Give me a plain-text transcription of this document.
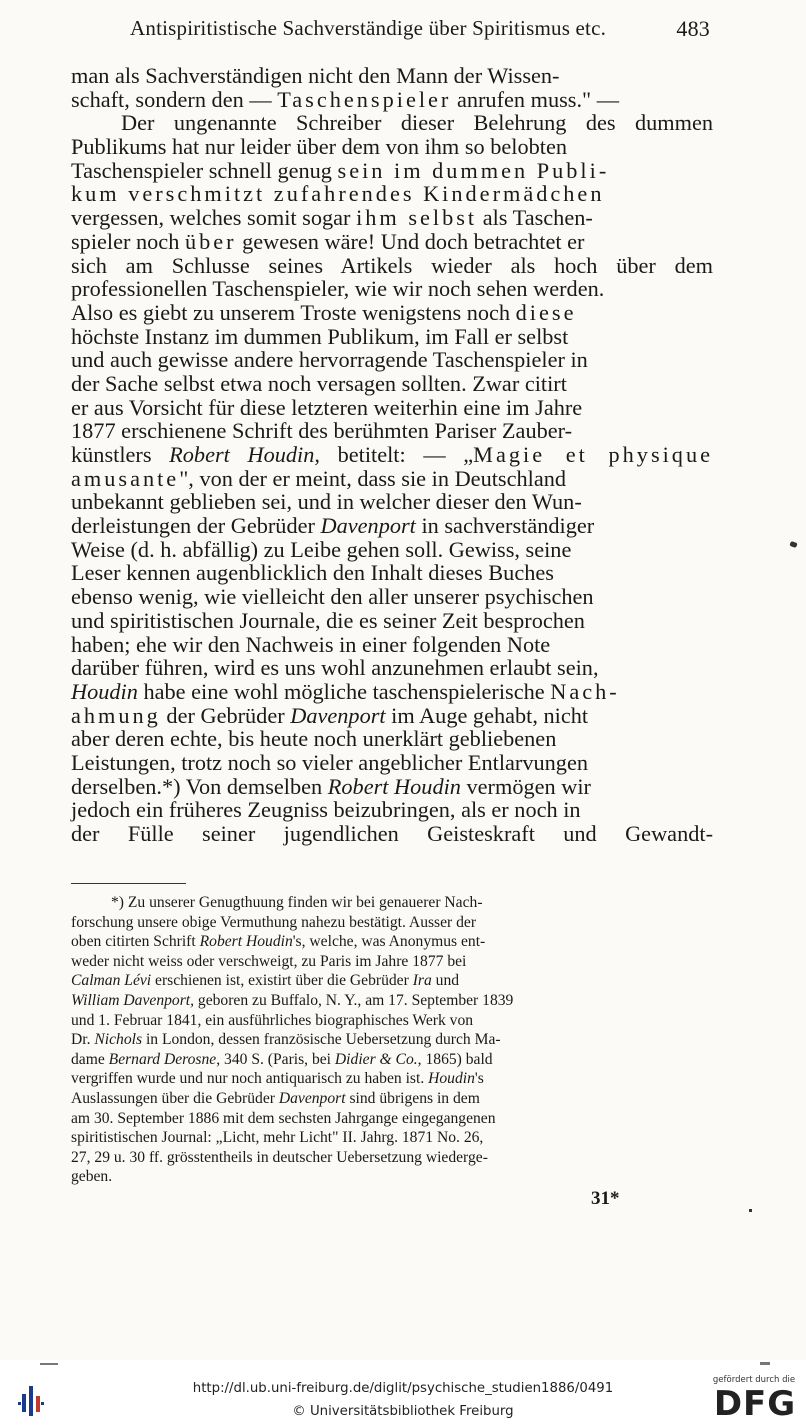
Antispiritistische Sachverständige über Spiritismus etc.	483
man als Sachverständigen nicht den Mann der Wissen-
schaft, sondern den — Taschenspieler anrufen muss." —
Der ungenannte Schreiber dieser Belehrung des dummen
Publikums hat nur leider über dem von ihm so belobten
Taschenspieler schnell genug sein im dummen Publi-
kum verschmitzt zufahrendes Kindermädchen
vergessen, welches somit sogar ihm selbst als Taschen-
spieler noch über gewesen wäre! Und doch betrachtet er
sich am Schlusse seines Artikels wieder als hoch über dem
professionellen Taschenspieler, wie wir noch sehen werden.
Also es giebt zu unserem Troste wenigstens noch diese
höchste Instanz im dummen Publikum, im Fall er selbst
und auch gewisse andere hervorragende Taschenspieler in
der Sache selbst etwa noch versagen sollten. Zwar citirt
er aus Vorsicht für diese letzteren weiterhin eine im Jahre
1877 erschienene Schrift des berühmten Pariser Zauber-
künstlers Robert Houdin, betitelt: — „Magie et physique
amusante", von der er meint, dass sie in Deutschland
unbekannt geblieben sei, und in welcher dieser den Wun-
derleistungen der Gebrüder Davenport in sachverständiger
Weise (d. h. abfällig) zu Leibe gehen soll. Gewiss, seine
Leser kennen augenblicklich den Inhalt dieses Buches
ebenso wenig, wie vielleicht den aller unserer psychischen
und spiritistischen Journale, die es seiner Zeit besprochen
haben; ehe wir den Nachweis in einer folgenden Note
darüber führen, wird es uns wohl anzunehmen erlaubt sein,
Houdin habe eine wohl mögliche taschenspielerische Nach-
ahmung der Gebrüder Davenport im Auge gehabt, nicht
aber deren echte, bis heute noch unerklärt gebliebenen
Leistungen, trotz noch so vieler angeblicher Entlarvungen
derselben.*) Von demselben Robert Houdin vermögen wir
jedoch ein früheres Zeugniss beizubringen, als er noch in
der Fülle seiner jugendlichen Geisteskraft und Gewandt-
*) Zu unserer Genugthuung finden wir bei genauerer Nach-
forschung unsere obige Vermuthung nahezu bestätigt. Ausser der
oben citirten Schrift Robert Houdin's, welche, was Anonymus ent-
weder nicht weiss oder verschweigt, zu Paris im Jahre 1877 bei
Calman Lévi erschienen ist, existirt über die Gebrüder Ira und
William Davenport, geboren zu Buffalo, N. Y., am 17. September 1839
und 1. Februar 1841, ein ausführliches biographisches Werk von
Dr. Nichols in London, dessen französische Uebersetzung durch Ma-
dame Bernard Derosne, 340 S. (Paris, bei Didier & Co., 1865) bald
vergriffen wurde und nur noch antiquarisch zu haben ist. Houdin's
Auslassungen über die Gebrüder Davenport sind übrigens in dem
am 30. September 1886 mit dem sechsten Jahrgange eingegangenen
spiritistischen Journal: „Licht, mehr Licht" II. Jahrg. 1871 No. 26,
27, 29 u. 30 ff. grösstentheils in deutscher Uebersetzung wiederge-
geben.
31*
http://dl.ub.uni-freiburg.de/diglit/psychische_studien1886/0491
© Universitätsbibliothek Freiburg
gefördert durch die
DFG
